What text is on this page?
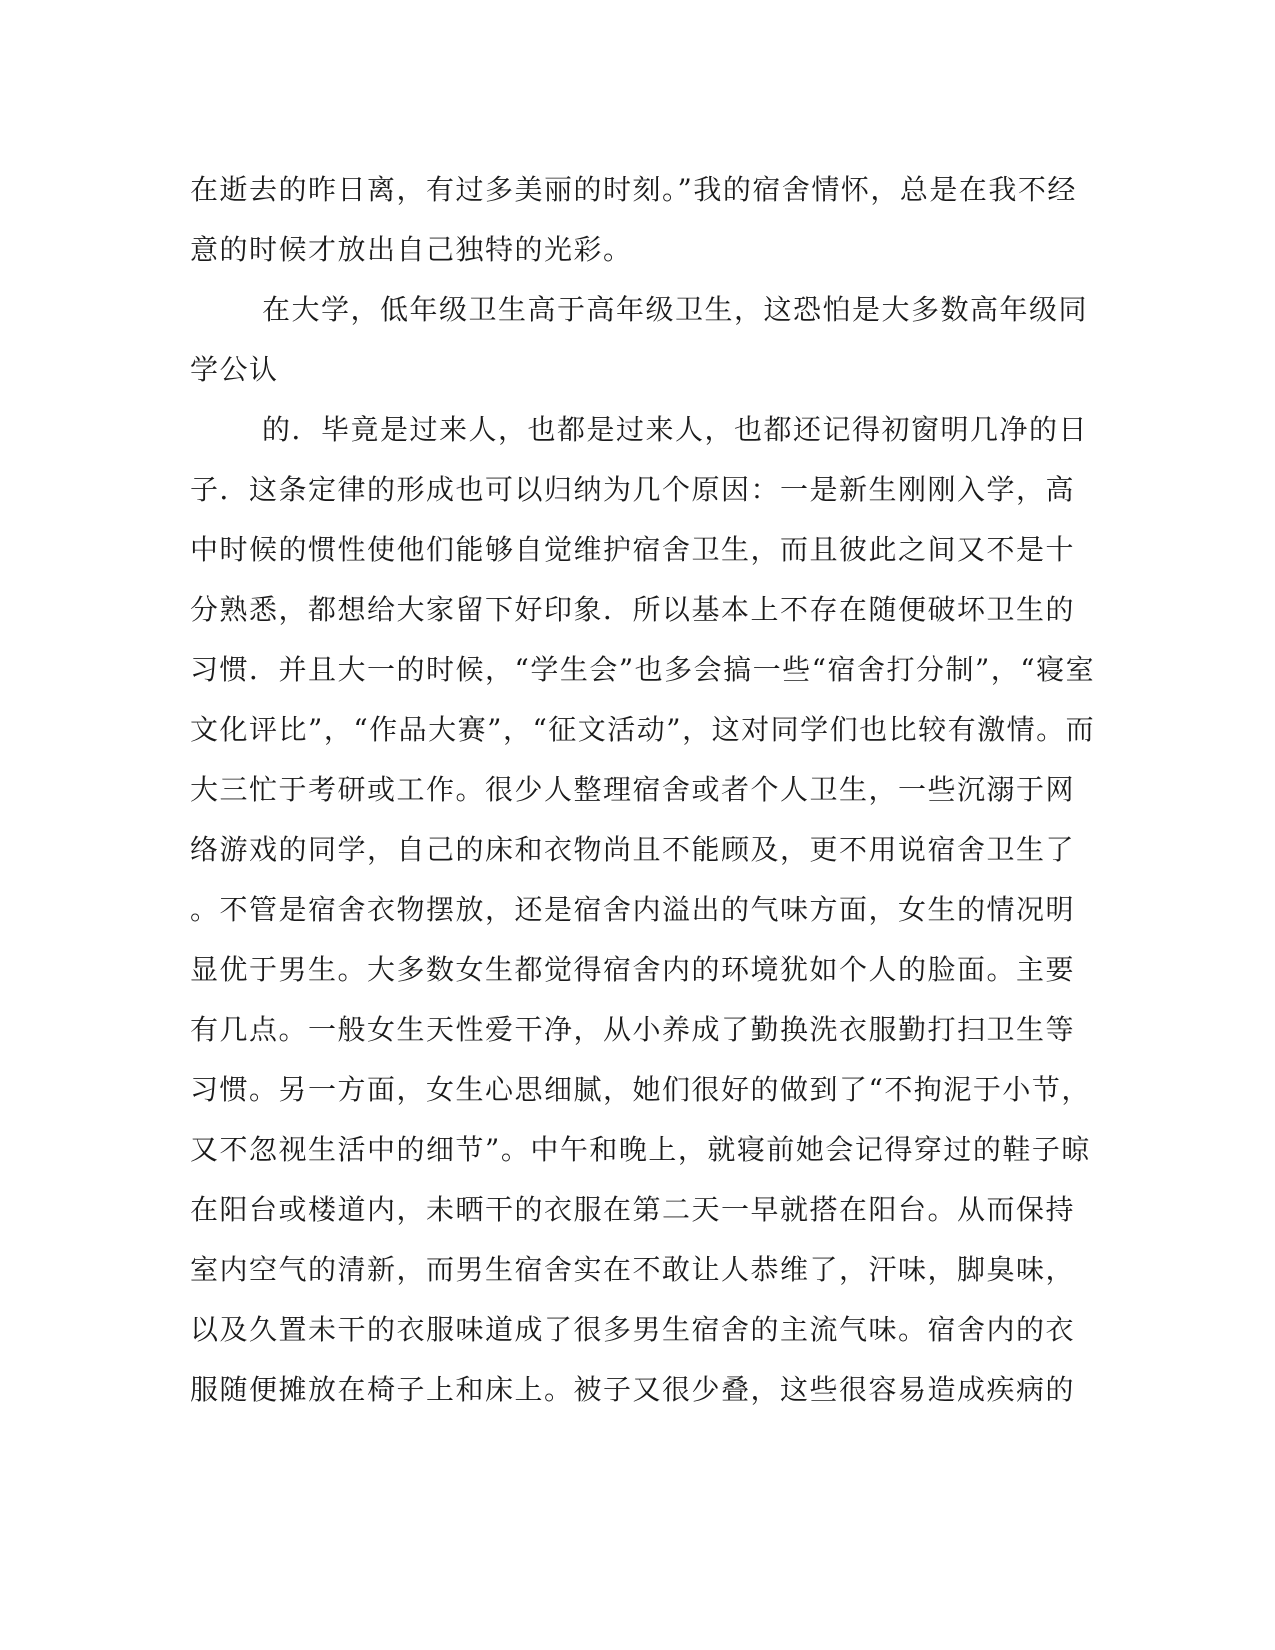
在逝去的昨日离，有过多美丽的时刻。”我的宿舍情怀，总是在我不经
意的时候才放出自己独特的光彩。
在大学，低年级卫生高于高年级卫生，这恐怕是大多数高年级同
学公认
的．毕竟是过来人，也都是过来人，也都还记得初窗明几净的日
子．这条定律的形成也可以归纳为几个原因：一是新生刚刚入学，高
中时候的惯性使他们能够自觉维护宿舍卫生，而且彼此之间又不是十
分熟悉，都想给大家留下好印象．所以基本上不存在随便破坏卫生的
习惯．并且大一的时候，“学生会”也多会搞一些“宿舍打分制”，“寝室
文化评比”，“作品大赛”，“征文活动”，这对同学们也比较有激情。而
大三忙于考研或工作。很少人整理宿舍或者个人卫生，一些沉溺于网
络游戏的同学，自己的床和衣物尚且不能顾及，更不用说宿舍卫生了
。不管是宿舍衣物摆放，还是宿舍内溢出的气味方面，女生的情况明
显优于男生。大多数女生都觉得宿舍内的环境犹如个人的脸面。主要
有几点。一般女生天性爱干净，从小养成了勤换洗衣服勤打扫卫生等
习惯。另一方面，女生心思细腻，她们很好的做到了“不拘泥于小节，
又不忽视生活中的细节”。中午和晚上，就寝前她会记得穿过的鞋子晾
在阳台或楼道内，未晒干的衣服在第二天一早就搭在阳台。从而保持
室内空气的清新，而男生宿舍实在不敢让人恭维了，汗味，脚臭味，
以及久置未干的衣服味道成了很多男生宿舍的主流气味。宿舍内的衣
服随便摊放在椅子上和床上。被子又很少叠，这些很容易造成疾病的
